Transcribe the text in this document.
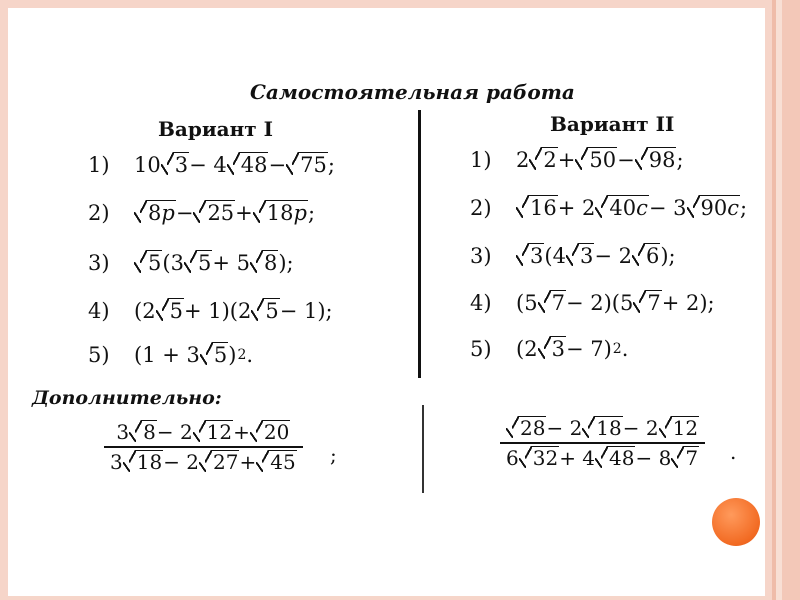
Самостоятельная работа
Вариант I	Вариант II
1)	10 3 − 4 48 − 75 ;
2)	8p − 25 + 18p ;
3)	5 (3 5 + 5 8 );
4)	(2 5 + 1)(2 5 − 1);
5)	(1 + 3 5 ) 2 .
1)	2 2 + 50 − 98 ;
2)	16 + 2 40c − 3 90c ;
3)	3 (4 3 − 2 6 );
4)	(5 7 − 2)(5 7 + 2);
5)	(2 3 − 7) 2 .
Дополнительно:
3 8 − 2 12 + 20
3 18 − 2 27 + 45 ;
28 − 2 18 − 2 12
6 32 + 4 48 − 8 7 .
